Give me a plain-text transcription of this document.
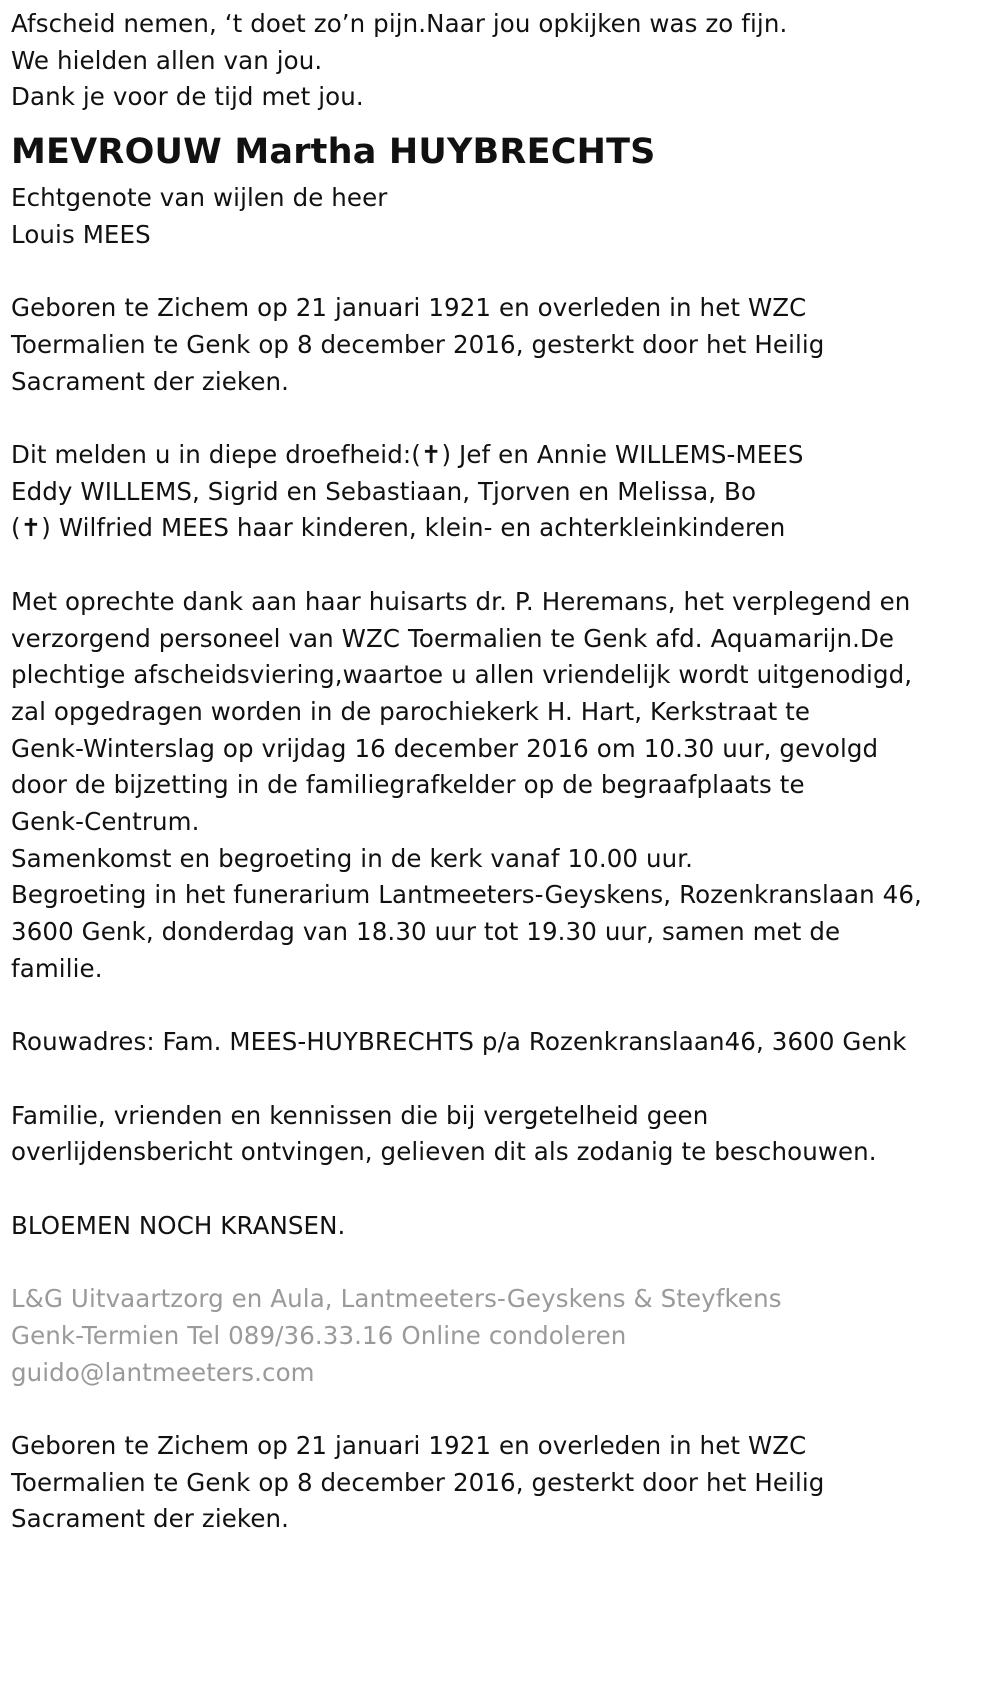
Afscheid nemen, ‘t doet zo’n pijn.Naar jou opkijken was zo fijn.
We hielden allen van jou.
Dank je voor de tijd met jou.
MEVROUW Martha HUYBRECHTS
Echtgenote van wijlen de heer
Louis MEES
Geboren te Zichem op 21 januari 1921 en overleden in het WZC
Toermalien te Genk op 8 december 2016, gesterkt door het Heilig
Sacrament der zieken.
Dit melden u in diepe droefheid:(✝) Jef en Annie WILLEMS-MEES
Eddy WILLEMS, Sigrid en Sebastiaan, Tjorven en Melissa, Bo
(✝) Wilfried MEES haar kinderen, klein- en achterkleinkinderen
Met oprechte dank aan haar huisarts dr. P. Heremans, het verplegend en
verzorgend personeel van WZC Toermalien te Genk afd. Aquamarijn.De
plechtige afscheidsviering,waartoe u allen vriendelijk wordt uitgenodigd,
zal opgedragen worden in de parochiekerk H. Hart, Kerkstraat te
Genk-Winterslag op vrijdag 16 december 2016 om 10.30 uur, gevolgd
door de bijzetting in de familiegrafkelder op de begraafplaats te
Genk-Centrum.
Samenkomst en begroeting in de kerk vanaf 10.00 uur.
Begroeting in het funerarium Lantmeeters-Geyskens, Rozenkranslaan 46,
3600 Genk, donderdag van 18.30 uur tot 19.30 uur, samen met de
familie.
Rouwadres: Fam. MEES-HUYBRECHTS p/a Rozenkranslaan46, 3600 Genk
Familie, vrienden en kennissen die bij vergetelheid geen
overlijdensbericht ontvingen, gelieven dit als zodanig te beschouwen.
BLOEMEN NOCH KRANSEN.
L&G Uitvaartzorg en Aula, Lantmeeters-Geyskens & Steyfkens
Genk-Termien Tel 089/36.33.16 Online condoleren
guido@lantmeeters.com
Geboren te Zichem op 21 januari 1921 en overleden in het WZC
Toermalien te Genk op 8 december 2016, gesterkt door het Heilig
Sacrament der zieken.
